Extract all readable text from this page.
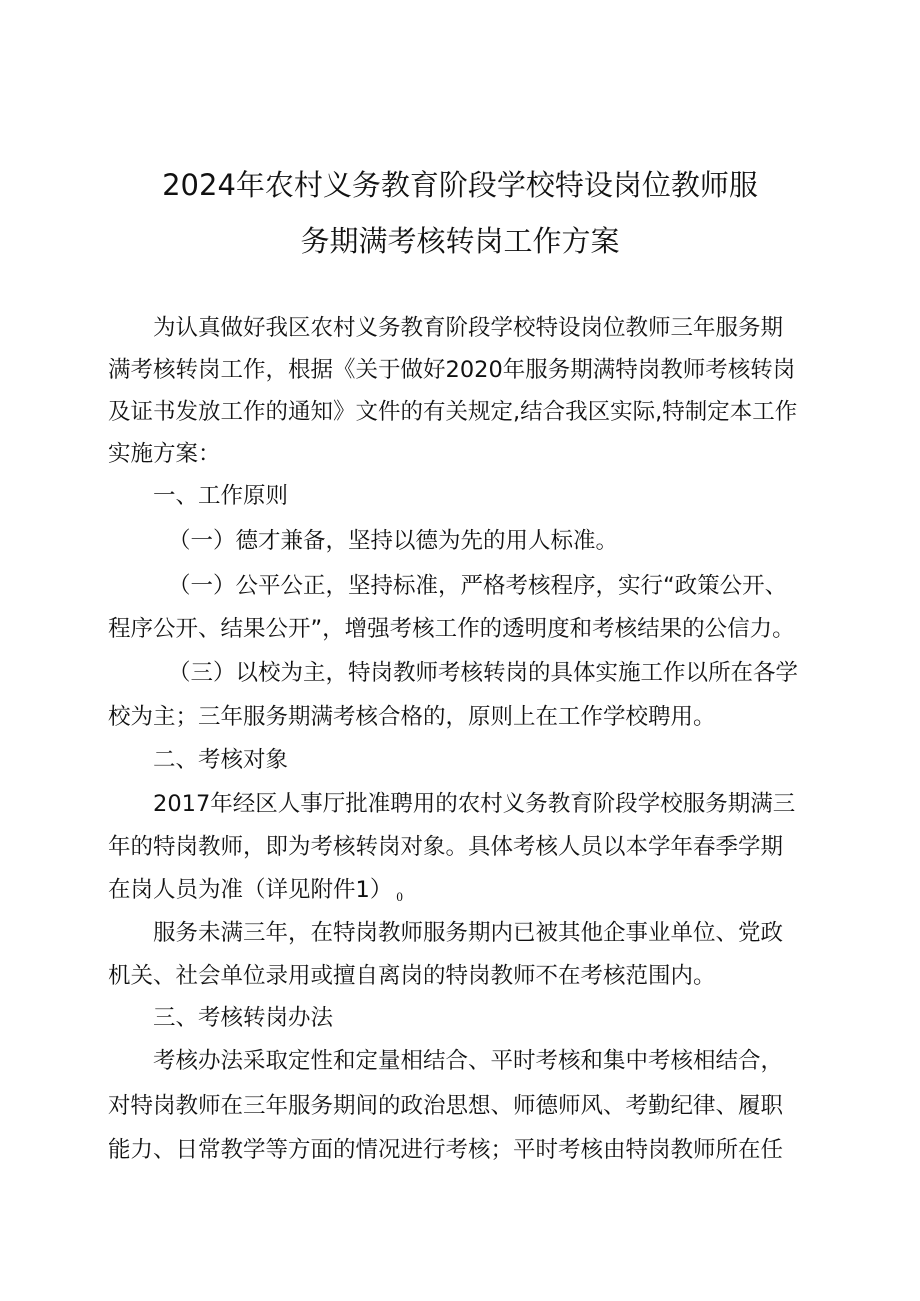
2024年农村义务教育阶段学校特设岗位教师服
务期满考核转岗工作方案
为认真做好我区农村义务教育阶段学校特设岗位教师三年服务期
满考核转岗工作，根据《关于做好2020年服务期满特岗教师考核转岗
及证书发放工作的通知》文件的有关规定,结合我区实际,特制定本工作
实施方案：
一、工作原则
（一）德才兼备，坚持以德为先的用人标准。
（一）公平公正，坚持标准，严格考核程序，实行“政策公开、
程序公开、结果公开”，增强考核工作的透明度和考核结果的公信力。
（三）以校为主，特岗教师考核转岗的具体实施工作以所在各学
校为主；三年服务期满考核合格的，原则上在工作学校聘用。
二、考核对象
2017年经区人事厅批准聘用的农村义务教育阶段学校服务期满三
年的特岗教师，即为考核转岗对象。具体考核人员以本学年春季学期
在岗人员为准（详见附件1） 0
服务未满三年，在特岗教师服务期内已被其他企事业单位、党政
机关、社会单位录用或擅自离岗的特岗教师不在考核范围内。
三、考核转岗办法
考核办法采取定性和定量相结合、平时考核和集中考核相结合，
对特岗教师在三年服务期间的政治思想、师德师风、考勤纪律、履职
能力、日常教学等方面的情况进行考核；平时考核由特岗教师所在任
